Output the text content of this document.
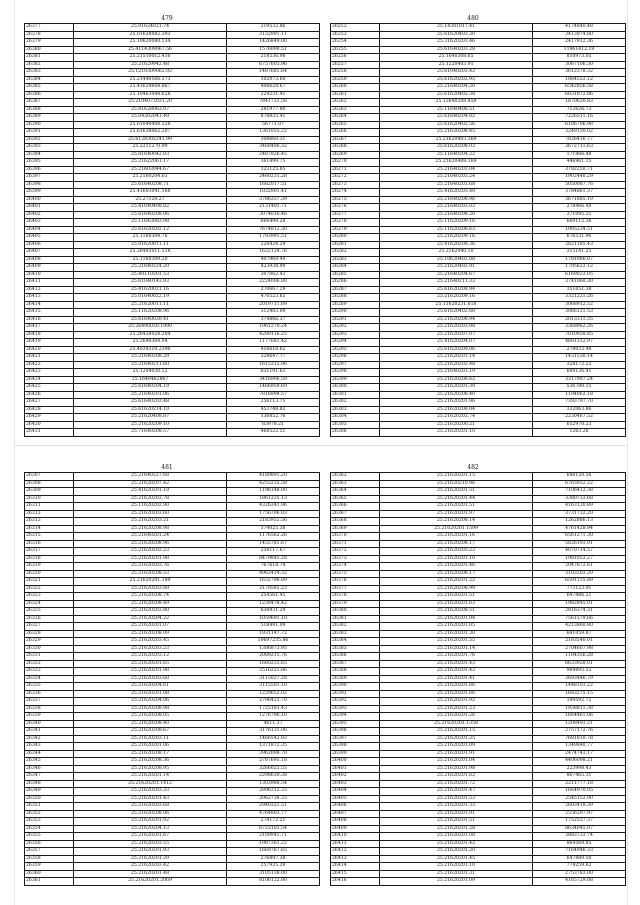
479
26377	25.01624021.74	219532.86
26378	25.01638082.393	3132991.11
26379	25.10620080.134	1426849.00
26380	25.4114309067.56	1576090.51
26381	25.21510012.416	218536.98
26382	25.21629942.48	6757603.96
26383	25.1210309062.92	1487681.64
26384	25.21440566.373	102073.60
26385	25.41624604.867	408628.67
26386	25.10463044.628	224231.41
26387	25.2104072031.20	7841721.58
26388	25.81628063.07	281977.80
26389	25.04302041.49	878835.41
26390	25.61040408.328	56771.07
26391	25.61638062.207	1361055.22
26392	25.6128302241.99	308660.31
26393	25.2211270.99	3468406.32
26394	25.81640042.03	2487826.45
26395	25.21622061.17	361499.75
26396	25.21603044.67	123125.85
26397	25.2160204.03	2460231.28
26398	25.61640208.71	1682017.51
26399	25.41603041.168	1032901.41
26400	25.27120.27	3786337.39
26401	25.41040408.82	2131401.71
26402	25.61640208.06	3074016.46
26403	25.11643083.98	666498.28
26404	25.61620202.12	7674012.30
26405	25.1160304.76	1793991.51
26406	25.01620011.11	228424.24
26407	25.26493011.118	1622134.76
26408	25.1160309.20	407969.49
26409	25.21640224.20	423938.99
26410	25.40110201.53	307062.43
26411	25.61040143.93	2224006.80
26412	25.41620021.16	270667.29
26413	25.01640022.19	470523.65
26414	25.21620011.11	2019711.69
26415	25.11620208.96	312483.09
26416	25.61640020.41	374866.37
26417	25.26490030.1990	1961270.24
26418	25.26428024.204	4289116.25
26419	25.2640304.04	1177681.42
26420	25.4034310.2396	416618.62
26421	25.21640208.29	328647.77
26422	25.21640211.60	1615312.96
26423	25.1204030.12	631191.63
26424	25.1640462867	3416906.59
26425	25.61640204.19	1466959.69
26426	25.21640201.06	7816998.57
26427	25.61640203.48	256113.75
26428	25.61620214.10	453748.82
26429	25.21620408.87	136852.76
26430	25.21620209.10	83978.21
26431	25.71640208.57	468522.51
480
26252	25.14381017.41	4174840.48
26253	25.61620403.20	3413974.80
26254	25.31620203.46	2417912.36
26255	25.61640203.28	11961412.19
26256	25.1640308.65	810973.05
26257	25.1220403.91	3067106.30
26258	25.61040203.42	3612378.32
26259	25.61620202.95	1884553.12
26260	25.21640204.20	6542856.58
26261	25.61620402.38	6831072.86
26262	25.12640208.459	1870630.83
26263	25.11640406.51	712626.73
26264	25.61640204.02	7226511.16
26265	25.61620402.56	6106706.98
26266	25.21620208.45	3249150.02
26267	25.21620403.369	7826416.77
26268	25.61620208.02	3672711.63
26269	25.11640204.22	171866.48
26270	25.21620408.169	446961.15
26271	25.21640203.04	3782250.71
26272	25.21640203.24	1902440.29
26273	25.21640203.68	5050087.76
26274	25.41620203.40	3784861.37
26275	25.21640208.96	3671885.19
26276	25.21640203.02	278466.49
26277	25.21640208.20	371095.21
26278	25.11620209.16	669112.36
26279	25.11620208.63	1905234.51
26280	25.21620209.16	676531.96
26281	25.41620208.36	2821185.43
26282	25.2162040.10	315141.25
26283	25.10620402.08	1781066.07
26284	25.21620402.91	1795623.12
26285	25.21640204.67	6169033.05
26286	25.21640211.33	3741060.30
26287	25.61620208.94	351651.38
26288	25.21620209.16	3321221.26
26289	25.11620231.618	3068912.52
26290	25.61620402.68	3066121.53
26291	25.21620208.94	2013311.35
26292	25.21620203.98	3368962.26
26293	25.21620207.07	7010958.85
26294	25.41620204.07	4681312.97
26295	25.61620209.06	278032.48
26296	25.21620201.14	1431530.14
26297	25.21620202.48	328172.22
26298	25.21640203.19	609136.41
26299	25.21620208.62	3317907.24
26300	25.21620201.39	536780.15
26301	25.21620208.40	1194062.18
26302	25.21620201.96	7393797.70
26303	25.21620208.04	332063.86
26304	25.21620202.74	2230467.52
26305	25.21620200.21	652970.23
26306	25.21620201.10	1263.26
481
26307	25.21640227.68	4189891.20
26308	25.21620207.42	4253235.58
26309	25.41620201.19	1196148.00
26310	25.21620203.78	1861235.13
26311	25.11620202.90	4326341.96
26312	25.21620203.60	1756706.03
26313	25.21620203.21	2183955.56
26314	25.21620208.98	374025.38
26315	25.21640201.24	1176562.26
26316	25.21620208.96	1455781.67
26317	25.21620202.23	258117.67
26318	25.21620201.98	8479845.28
26319	25.21620203.76	767618.74
26320	25.21620208.53	4962414.32
26321	25.21620201.189	1632798.89
26322	25.21620203.89	2170585.23
26323	25.21620208.74	254561.45
26324	25.21620208.49	1230478.42
26325	25.21620203.80	638431.29
26326	25.21620204.22	1059691.10
26327	25.21620201.07	518491.09
26328	25.21620208.09	1931147.72
26329	25.21620203.45	10697235.86
26330	25.21620203.23	1386873.95
26331	25.21620203.12	2089215.76
26332	25.21620201.65	1660233.65
26333	25.21620201.98	3516221.86
26334	25.21620203.60	3115027.28
26335	25.21620204.61	3115501.10
26336	25.21620201.08	1229652.02
26337	25.21620204.06	2796423.70
26338	25.21620208.98	1725183.43
26339	25.21620208.05	1276796.10
26340	25.21620208.40	4611.37
26341	25.21620208.67	3176131.06
26342	25.21620203.11	1466542.93
26343	25.21620201.06	1371872.35
26344	25.21620208.17	3962098.70
26345	25.21620208.36	2787695.18
26346	25.21620208.95	3266025.55
26347	25.21620201.14	2298630.38
26348	25.21620201.1412	1303988.54
26349	25.21620203.33	2896312.33
26350	25.21620201.43	2062738.33
26351	25.21620203.68	2940321.51
26352	25.21620208.06	4764803.77
26353	25.21620201.92	274172.21
26354	25.21620204.13	6723102.54
26355	25.21620201.67	2109941.71
26356	25.21620203.55	1987361.22
26357	25.21620201.93	1669767.65
26358	25.21620201.29	276897.38
26359	25.21620203.42	257935.39
26360	25.21620201.48	3105138.00
26361	25.21620201.2069	8106122.80
482
26362	25.21620201.15	648120.16
26363	25.21620210.96	6765932.22
26364	25.21620201.51	7106412.38
26365	25.21620201.44	3380733.68
26366	25.21620201.51	4163120.89
26367	25.21620201.97	3731732.20
26368	25.21620208.14	1262886.13
26369	25.21620201.1599	4761428.94
26370	25.21620201.16	6561271.30
26371	25.21620208.17	5826193.91
26372	25.21620203.22	4070714.57
26373	25.21620201.10	1981053.27
26374	25.21620201.46	2047872.61
26375	25.21620208.17	3103203.20
26376	25.21620201.22	6591135.89
26377	25.21620208.99	773123.91
26378	25.21620201.51	647486.21
26379	25.21620201.63	1982845.01
26380	25.21620208.51	2816374.31
26381	25.21620201.94	7561579.66
26382	25.21620201.05	4213860.80
26383	25.21620201.30	681059.87
26384	25.21620201.55	2183540.01
26385	25.21620201.14	2704607.98
26386	25.21620201.76	1184356.28
26387	25.21620201.43	6633928.01
26388	25.21620201.42	969893.53
26389	25.21620201.41	3693446.79
26390	25.21620201.66	1448103.22
26391	25.21620201.66	1683275.15
26392	25.21620201.92	109592.72
26393	25.21620201.23	1938811.38
26394	25.21620201.26	1664461.06
26395	25.21620201.1358	1208493.21
26396	25.21620201.15	2757172.76
26397	25.21620201.25	7681810.78
26398	25.21620201.09	1349840.77
26399	25.21620201.91	2474743.17
26400	25.21620201.04	4406098.21
26401	25.21620201.98	223998.43
26402	25.21620201.62	867465.31
26403	25.21620201.72	2211777.18
26404	25.21620201.47	1664970.05
26405	25.21620201.53	2545152.90
26406	25.21620201.33	2603418.39
26407	25.21620201.91	2556297.97
26408	25.21620201.51	1752537.37
26409	25.21620201.28	8634045.07
26410	25.21620201.08	3883733.74
26411	25.21620201.42	864569.85
26412	25.21620201.20	7164946.33
26413	25.21620201.45	647889.50
26414	25.21620201.10	774259.62
26415	25.21620201.31	2753783.00
26416	25.21620201.09	4165729.88
